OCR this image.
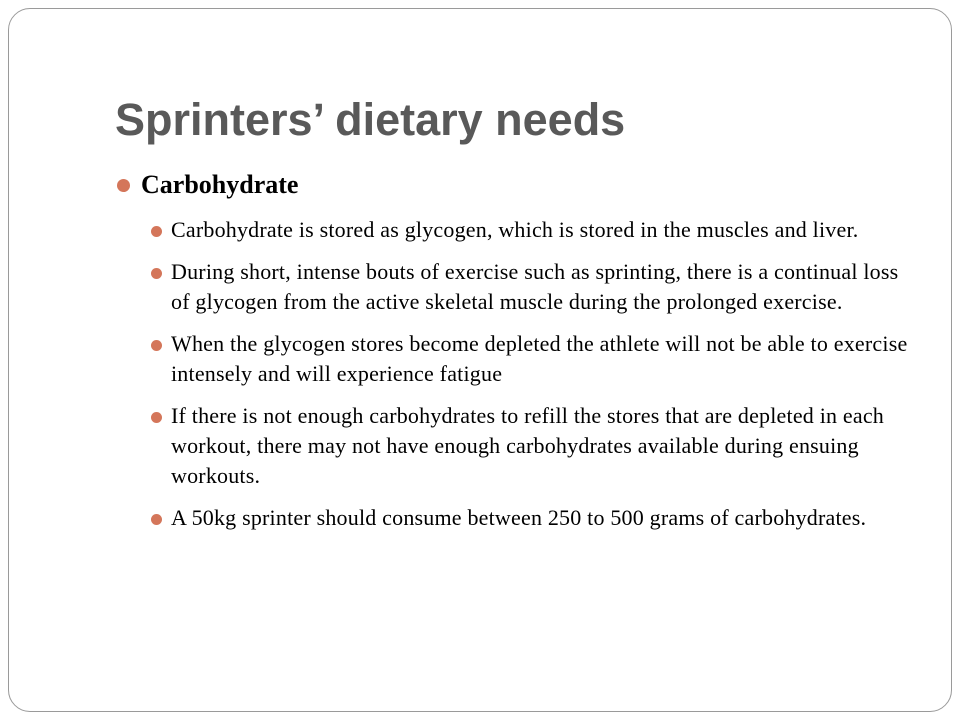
Sprinters’ dietary needs
Carbohydrate
Carbohydrate is stored as glycogen, which is stored in the muscles and liver.
During short, intense bouts of exercise such as sprinting, there is a continual loss of glycogen from the active skeletal muscle during the prolonged exercise.
When the glycogen stores become depleted the athlete will not be able to exercise intensely and will experience fatigue
If there is not enough carbohydrates to refill the stores that are depleted in each workout, there may not have enough carbohydrates available during ensuing workouts.
A 50kg sprinter should consume between 250 to 500 grams of carbohydrates.
